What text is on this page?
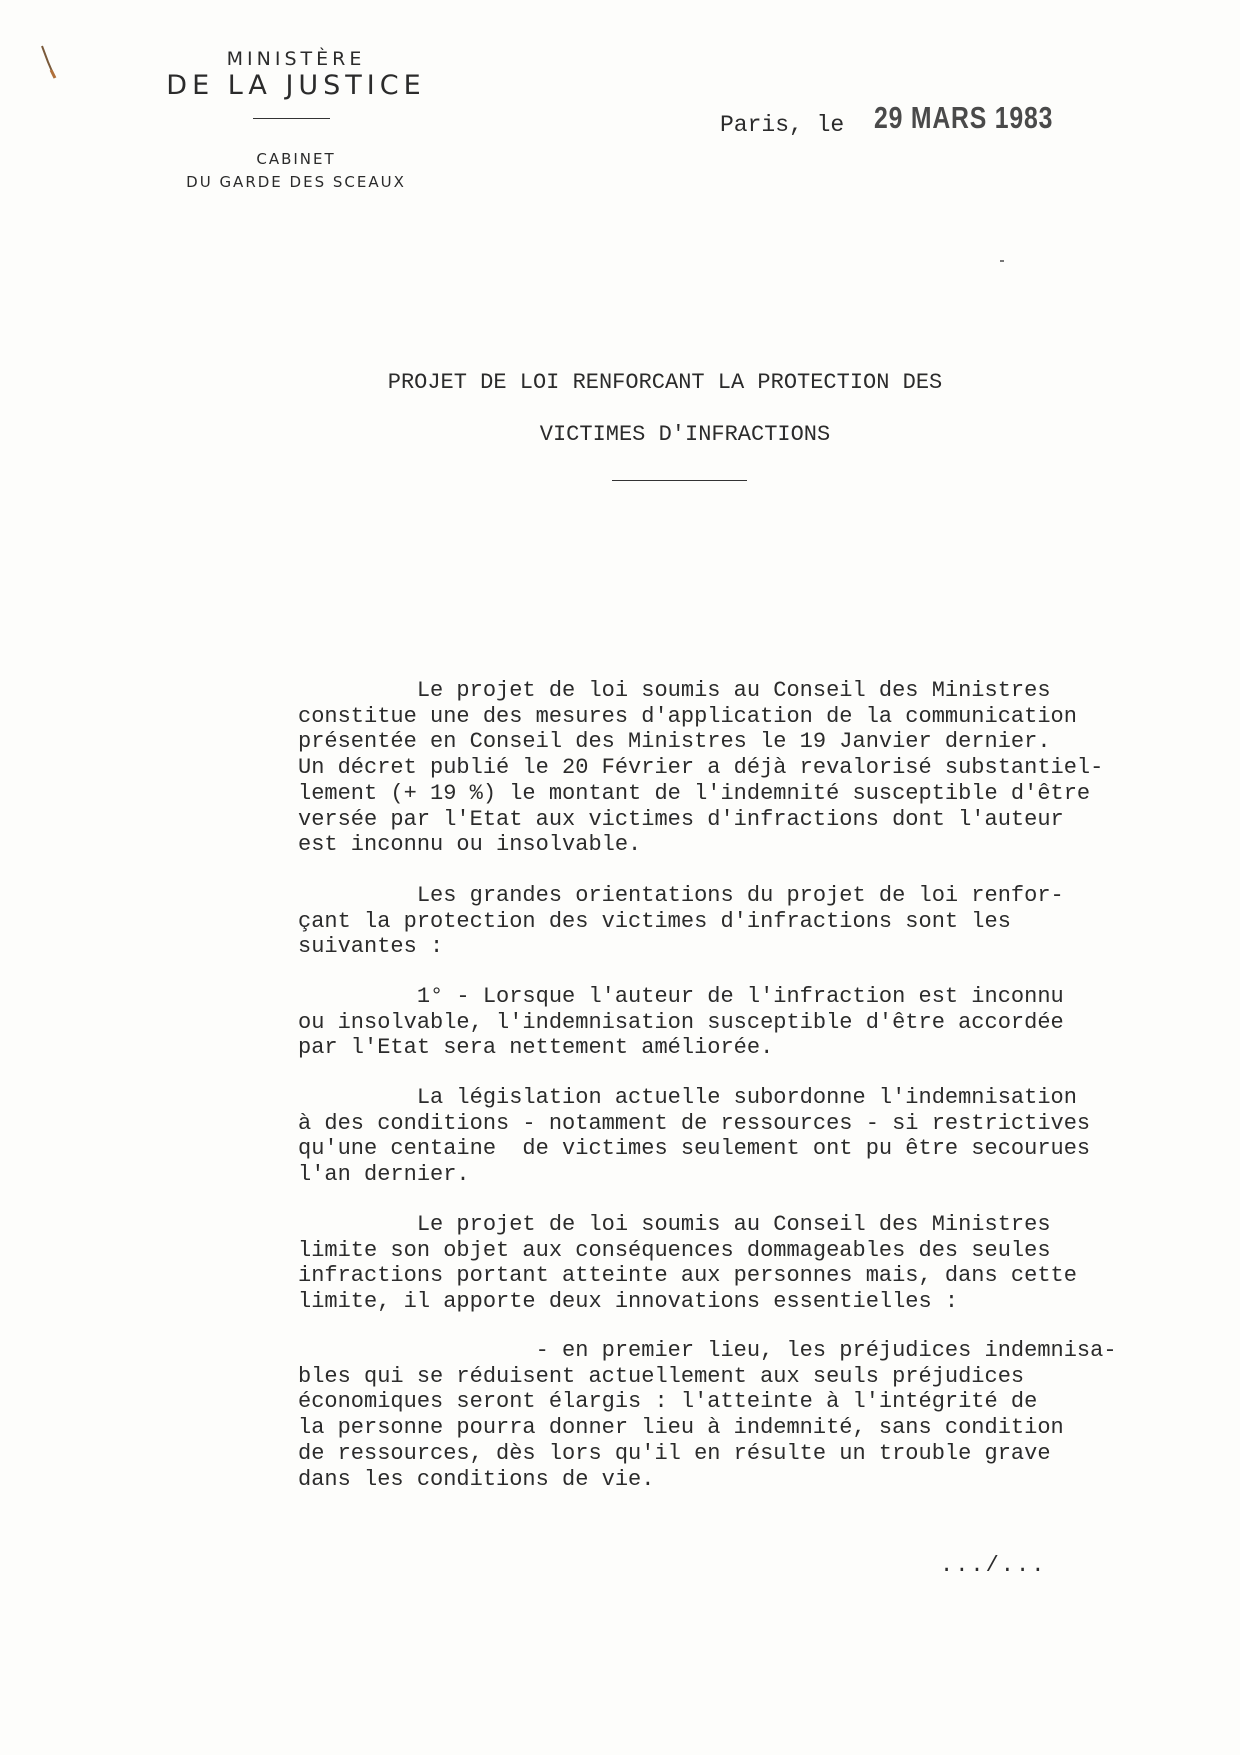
MINISTÈRE
DE LA JUSTICE
CABINET
DU GARDE DES SCEAUX
Paris, le 29 MARS 1983
PROJET DE LOI RENFORCANT LA PROTECTION DES
VICTIMES D'INFRACTIONS

Le projet de loi soumis au Conseil des Ministres
constitue une des mesures d'application de la communication
présentée en Conseil des Ministres le 19 Janvier dernier.
Un décret publié le 20 Février a déjà revalorisé substantiel-
lement (+ 19 %) le montant de l'indemnité susceptible d'être
versée par l'Etat aux victimes d'infractions dont l'auteur
est inconnu ou insolvable.

Les grandes orientations du projet de loi renfor-
çant la protection des victimes d'infractions sont les
suivantes :

1° - Lorsque l'auteur de l'infraction est inconnu
ou insolvable, l'indemnisation susceptible d'être accordée
par l'Etat sera nettement améliorée.

La législation actuelle subordonne l'indemnisation
à des conditions - notamment de ressources - si restrictives
qu'une centaine  de victimes seulement ont pu être secourues
l'an dernier.

Le projet de loi soumis au Conseil des Ministres
limite son objet aux conséquences dommageables des seules
infractions portant atteinte aux personnes mais, dans cette
limite, il apporte deux innovations essentielles :

- en premier lieu, les préjudices indemnisa-
bles qui se réduisent actuellement aux seuls préjudices
économiques seront élargis : l'atteinte à l'intégrité de
la personne pourra donner lieu à indemnité, sans condition
de ressources, dès lors qu'il en résulte un trouble grave
dans les conditions de vie.

.../...
